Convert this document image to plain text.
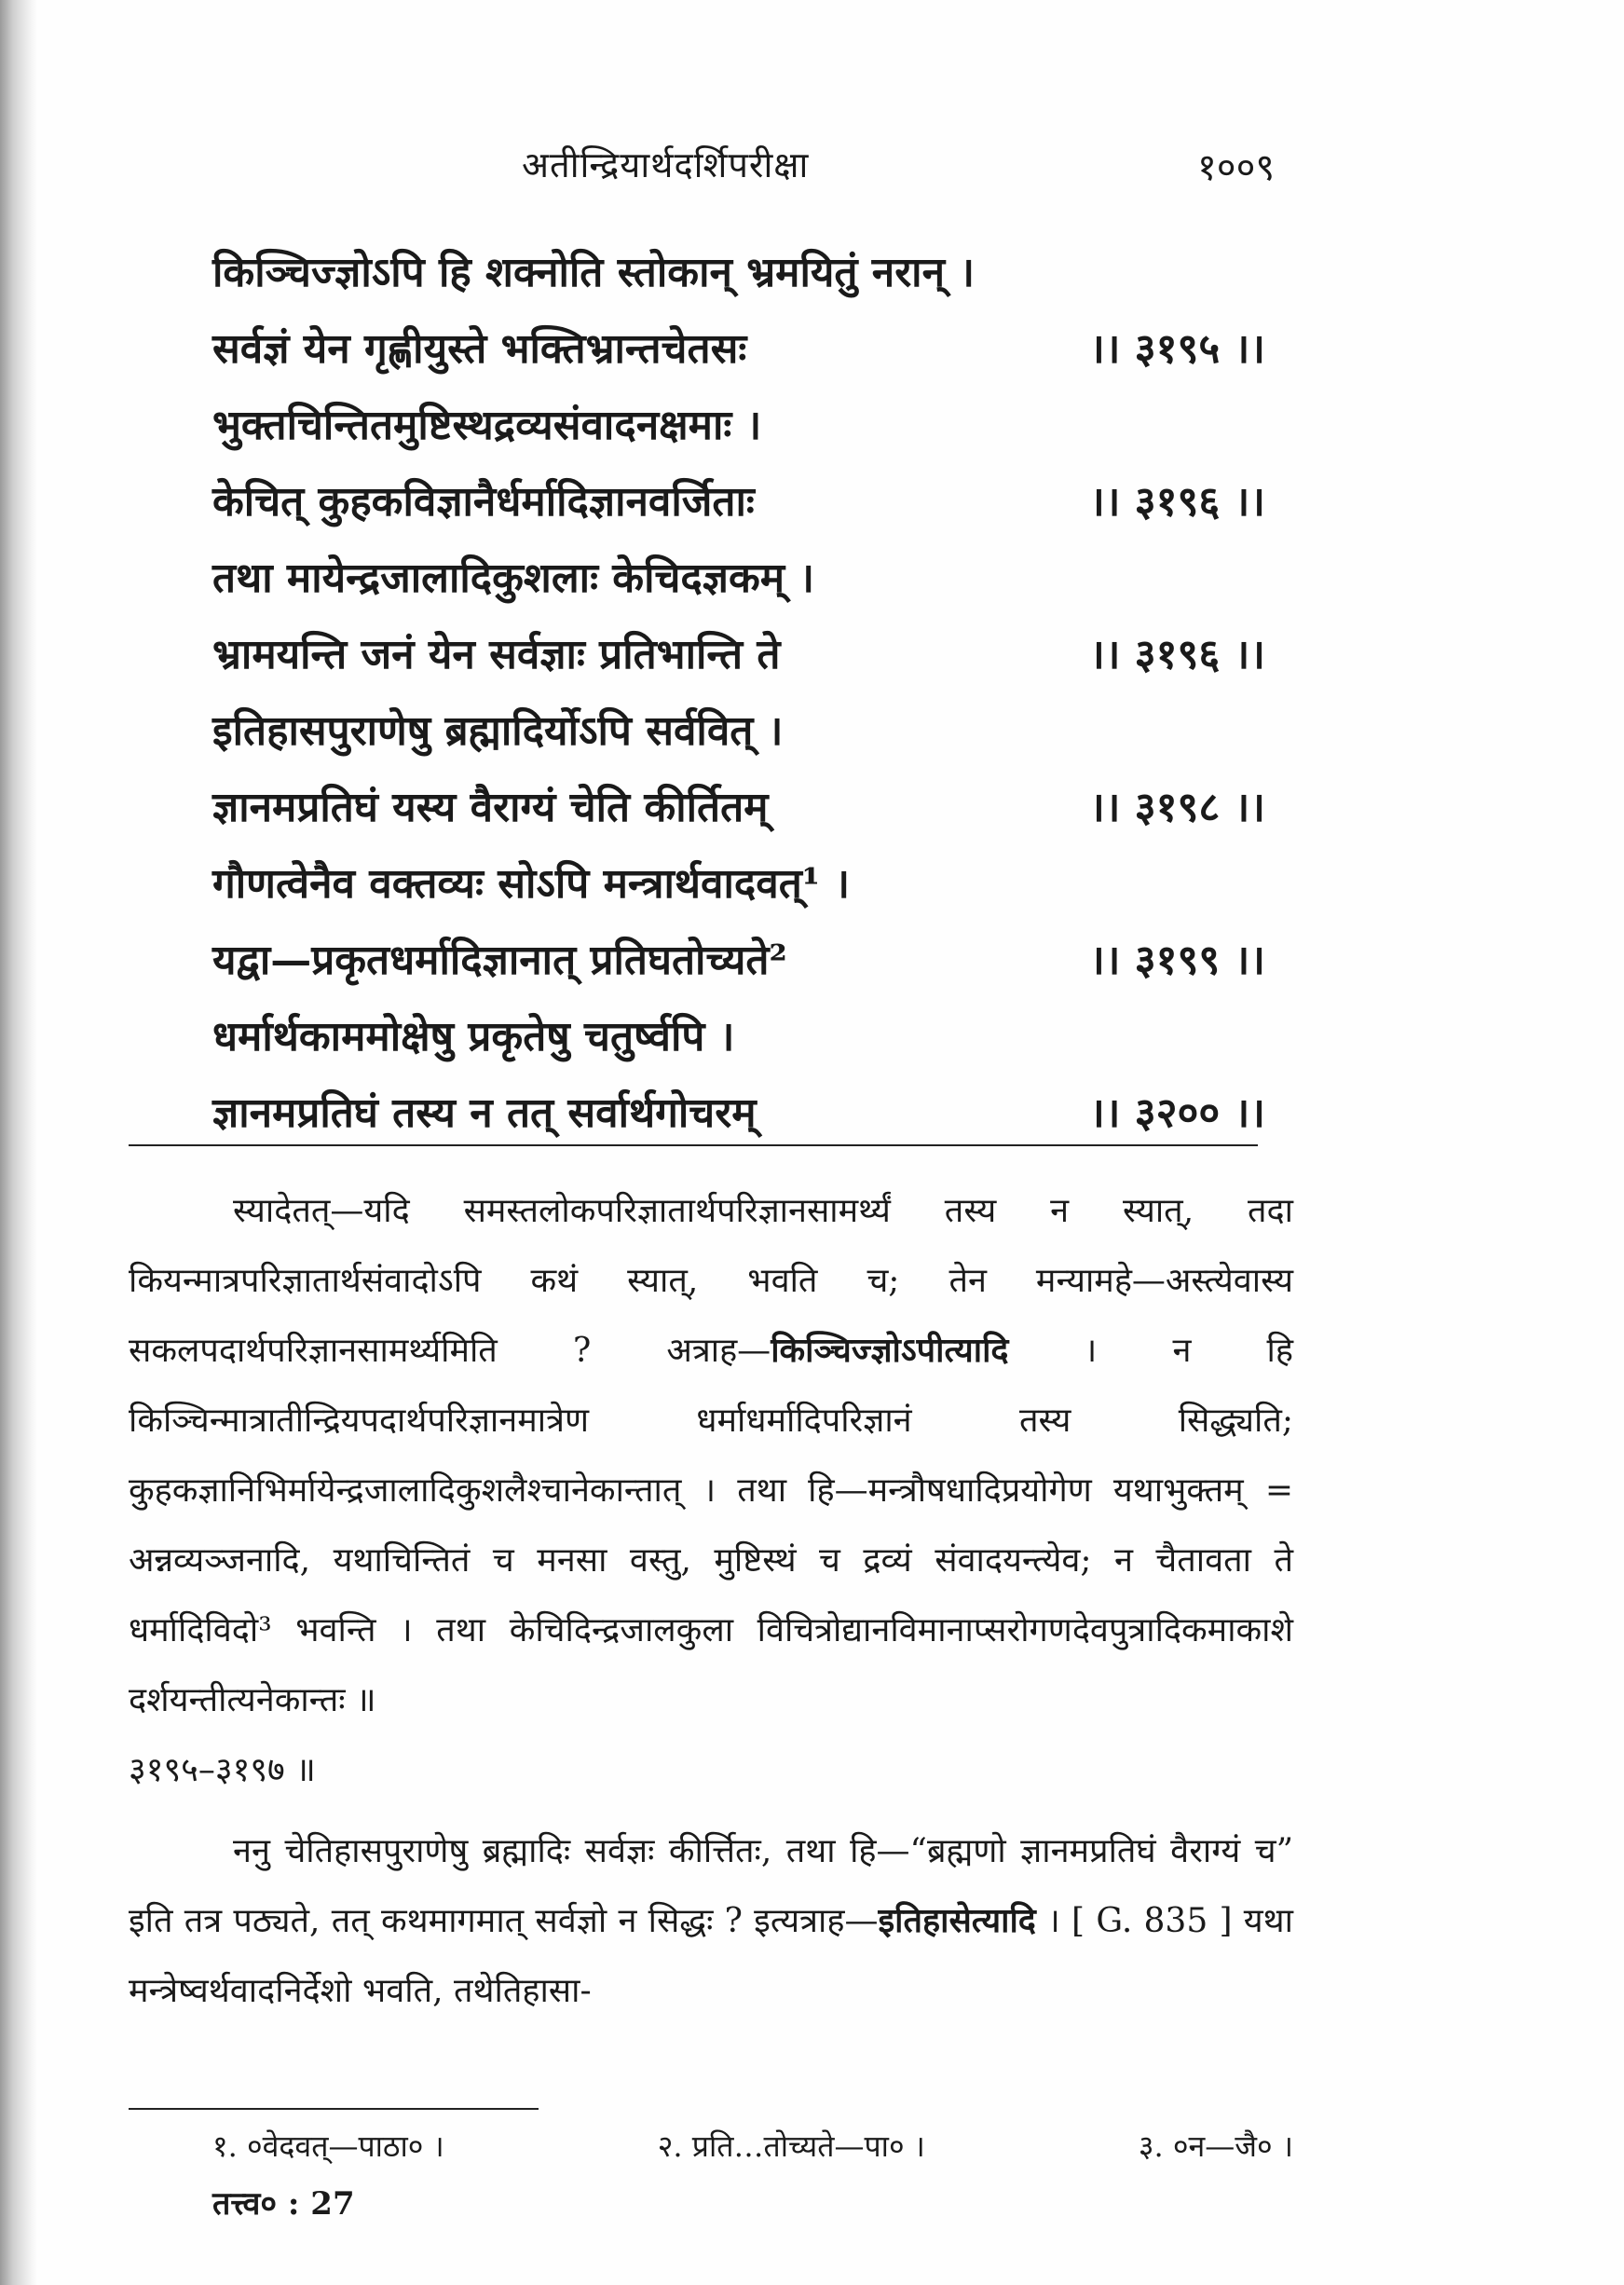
अतीन्द्रियार्थदर्शिपरीक्षा	१००९
किञ्चिज्ज्ञोऽपि हि शक्नोति स्तोकान् भ्रमयितुं नरान् ।
सर्वज्ञं येन गृह्णीयुस्ते भक्तिभ्रान्तचेतसः	।। ३१९५ ।।
भुक्तचिन्तितमुष्टिस्थद्रव्यसंवादनक्षमाः ।
केचित् कुहकविज्ञानैर्धर्मादिज्ञानवर्जिताः	।। ३१९६ ।।
तथा मायेन्द्रजालादिकुशलाः केचिदज्ञकम् ।
भ्रामयन्ति जनं येन सर्वज्ञाः प्रतिभान्ति ते	।। ३१९६ ।।
इतिहासपुराणेषु ब्रह्मादिर्योऽपि सर्ववित् ।
ज्ञानमप्रतिघं यस्य वैराग्यं चेति कीर्तितम्	।। ३१९८ ।।
गौणत्वेनैव वक्तव्यः सोऽपि मन्त्रार्थवादवत्¹ ।
यद्वा—प्रकृतधर्मादिज्ञानात् प्रतिघतोच्यते²	।। ३१९९ ।।
धर्मार्थकाममोक्षेषु प्रकृतेषु चतुर्ष्वपि ।
ज्ञानमप्रतिघं तस्य न तत् सर्वार्थगोचरम्	।। ३२०० ।।

स्यादेतत्—यदि समस्तलोकपरिज्ञातार्थपरिज्ञानसामर्थ्यं तस्य न स्यात्, तदा कियन्मात्रपरिज्ञातार्थसंवादोऽपि कथं स्यात्, भवति च; तेन मन्यामहे—अस्त्येवास्य सकलपदार्थपरिज्ञानसामर्थ्यमिति ? अत्राह—किञ्चिज्ज्ञोऽपीत्यादि । न हि किञ्चिन्मात्रातीन्द्रियपदार्थपरिज्ञानमात्रेण धर्माधर्मादिपरिज्ञानं तस्य सिद्ध्यति; कुहकज्ञानिभिर्मायेन्द्रजालादिकुशलैश्चानेकान्तात् । तथा हि—मन्त्रौषधादिप्रयोगेण यथाभुक्तम् = अन्नव्यञ्जनादि, यथाचिन्तितं च मनसा वस्तु, मुष्टिस्थं च द्रव्यं संवादयन्त्येव; न चैतावता ते धर्मादिविदो³ भवन्ति । तथा केचिदिन्द्रजालकुला विचित्रोद्यानविमानाप्सरोगणदेवपुत्रादिकमाकाशे दर्शयन्तीत्यनेकान्तः ॥

३१९५–३१९७ ॥

ननु चेतिहासपुराणेषु ब्रह्मादिः सर्वज्ञः कीर्त्तितः, तथा हि—“ब्रह्मणो ज्ञानमप्रतिघं वैराग्यं च” इति तत्र पठ्यते, तत् कथमागमात् सर्वज्ञो न सिद्धः ? इत्यत्राह—इतिहासेत्यादि । [ G. 835 ] यथा मन्त्रेष्वर्थवादनिर्देशो भवति, तथेतिहासा-

१. ०वेदवत्—पाठा० ।	२. प्रति…तोच्यते—पा० ।	३. ०न—जै० ।
तत्त्व० : 27
